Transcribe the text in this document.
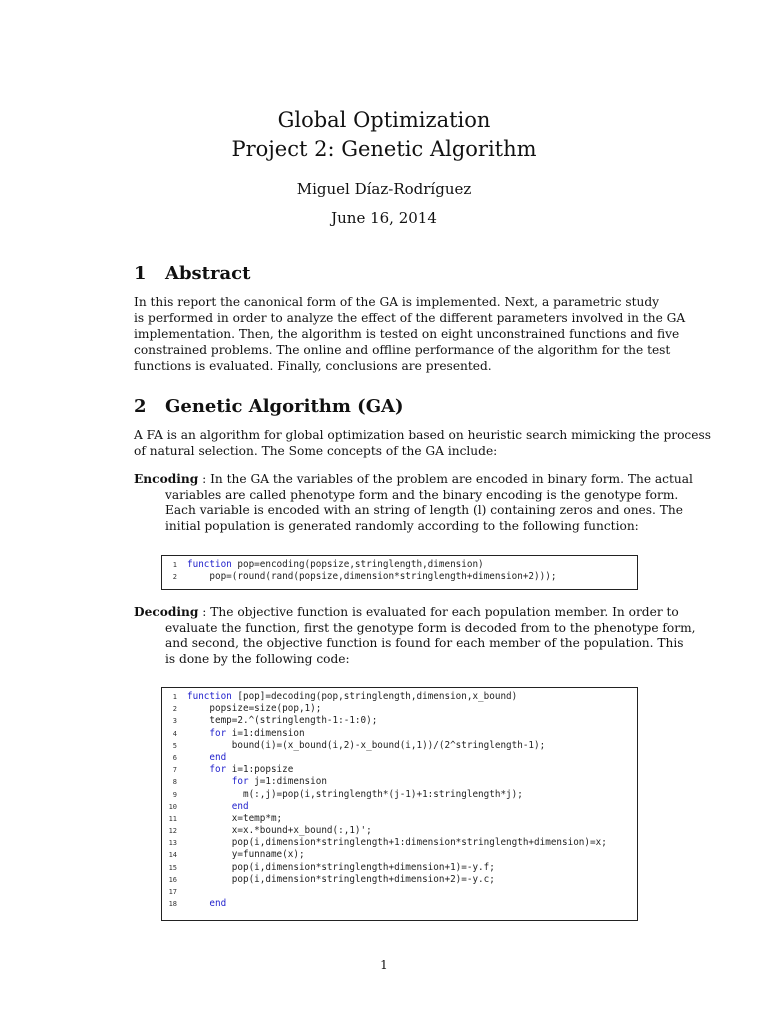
Global Optimization
Project 2: Genetic Algorithm
Miguel Díaz-Rodríguez
June 16, 2014
1 Abstract
In this report the canonical form of the GA is implemented. Next, a parametric study
is performed in order to analyze the effect of the different parameters involved in the GA
implementation. Then, the algorithm is tested on eight unconstrained functions and five
constrained problems. The online and offline performance of the algorithm for the test
functions is evaluated. Finally, conclusions are presented.
2 Genetic Algorithm (GA)
A FA is an algorithm for global optimization based on heuristic search mimicking the process
of natural selection. The Some concepts of the GA include:
Encoding : In the GA the variables of the problem are encoded in binary form. The actual
variables are called phenotype form and the binary encoding is the genotype form.
Each variable is encoded with an string of length (l) containing zeros and ones. The
initial population is generated randomly according to the following function:
1 function pop=encoding(popsize,stringlength,dimension)
2 pop=(round(rand(popsize,dimension*stringlength+dimension+2)));
Decoding : The objective function is evaluated for each population member. In order to
evaluate the function, first the genotype form is decoded from to the phenotype form,
and second, the objective function is found for each member of the population. This
is done by the following code:
1 function [pop]=decoding(pop,stringlength,dimension,x_bound)
2 popsize=size(pop,1);
3 temp=2.^(stringlength-1:-1:0);
4 for i=1:dimension
5 bound(i)=(x_bound(i,2)-x_bound(i,1))/(2^stringlength-1);
6 end
7 for i=1:popsize
8 for j=1:dimension
9 m(:,j)=pop(i,stringlength*(j-1)+1:stringlength*j);
10 end
11 x=temp*m;
12 x=x.*bound+x_bound(:,1)';
13 pop(i,dimension*stringlength+1:dimension*stringlength+dimension)=x;
14 y=funname(x);
15 pop(i,dimension*stringlength+dimension+1)=-y.f;
16 pop(i,dimension*stringlength+dimension+2)=-y.c;
17
18 end
1
